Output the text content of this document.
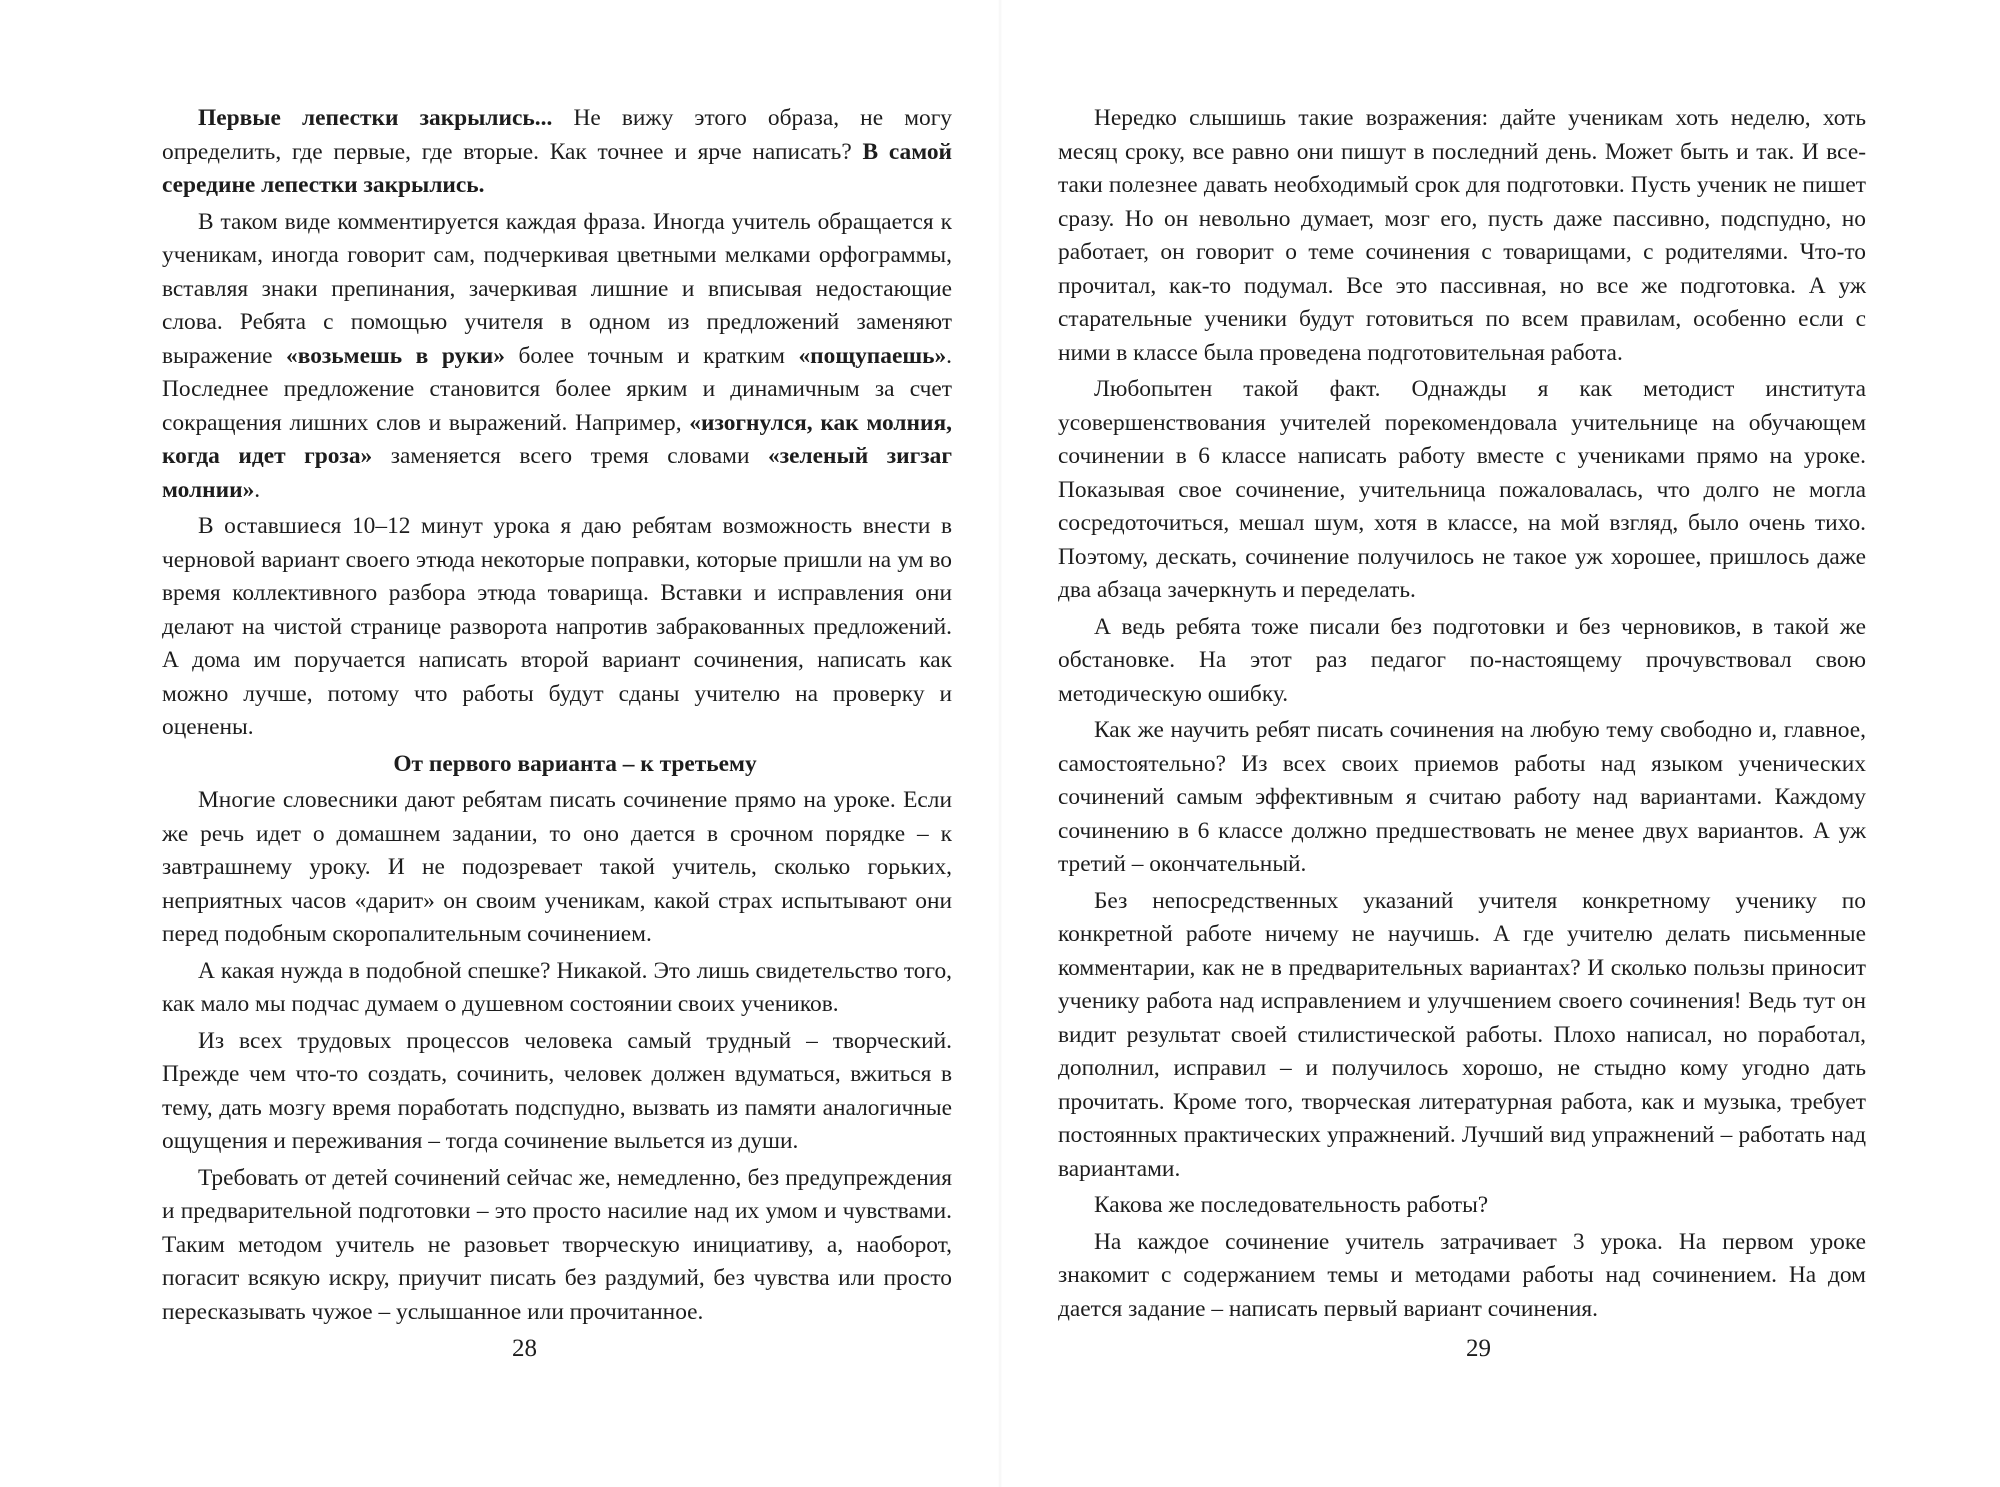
Первые лепестки закрылись... Не вижу этого образа, не могу определить, где первые, где вторые. Как точнее и ярче написать? В самой середине лепестки закрылись.

В таком виде комментируется каждая фраза. Иногда учитель обращается к ученикам, иногда говорит сам, подчеркивая цветными мелками орфограммы, вставляя знаки препинания, зачеркивая лишние и вписывая недостающие слова. Ребята с помощью учителя в одном из предложений заменяют выражение «возьмешь в руки» более точным и кратким «пощупаешь». Последнее предложение становится более ярким и динамичным за счет сокращения лишних слов и выражений. Например, «изогнулся, как молния, когда идет гроза» заменяется всего тремя словами «зеленый зигзаг молнии».

В оставшиеся 10–12 минут урока я даю ребятам возможность внести в черновой вариант своего этюда некоторые поправки, которые пришли на ум во время коллективного разбора этюда товарища. Вставки и исправления они делают на чистой странице разворота напротив забракованных предложений. А дома им поручается написать второй вариант сочинения, написать как можно лучше, потому что работы будут сданы учителю на проверку и оценены.

От первого варианта – к третьему

Многие словесники дают ребятам писать сочинение прямо на уроке. Если же речь идет о домашнем задании, то оно дается в срочном порядке – к завтрашнему уроку. И не подозревает такой учитель, сколько горьких, неприятных часов «дарит» он своим ученикам, какой страх испытывают они перед подобным скоропалительным сочинением.

А какая нужда в подобной спешке? Никакой. Это лишь свидетельство того, как мало мы подчас думаем о душевном состоянии своих учеников.

Из всех трудовых процессов человека самый трудный – творческий. Прежде чем что-то создать, сочинить, человек должен вдуматься, вжиться в тему, дать мозгу время поработать подспудно, вызвать из памяти аналогичные ощущения и переживания – тогда сочинение выльется из души.

Требовать от детей сочинений сейчас же, немедленно, без предупреждения и предварительной подготовки – это просто насилие над их умом и чувствами. Таким методом учитель не разовьет творческую инициативу, а, наоборот, погасит всякую искру, приучит писать без раздумий, без чувства или просто пересказывать чужое – услышанное или прочитанное.

28

Нередко слышишь такие возражения: дайте ученикам хоть неделю, хоть месяц сроку, все равно они пишут в последний день. Может быть и так. И все-таки полезнее давать необходимый срок для подготовки. Пусть ученик не пишет сразу. Но он невольно думает, мозг его, пусть даже пассивно, подспудно, но работает, он говорит о теме сочинения с товарищами, с родителями. Что-то прочитал, как-то подумал. Все это пассивная, но все же подготовка. А уж старательные ученики будут готовиться по всем правилам, особенно если с ними в классе была проведена подготовительная работа.

Любопытен такой факт. Однажды я как методист института усовершенствования учителей порекомендовала учительнице на обучающем сочинении в 6 классе написать работу вместе с учениками прямо на уроке. Показывая свое сочинение, учительница пожаловалась, что долго не могла сосредоточиться, мешал шум, хотя в классе, на мой взгляд, было очень тихо. Поэтому, дескать, сочинение получилось не такое уж хорошее, пришлось даже два абзаца зачеркнуть и переделать.

А ведь ребята тоже писали без подготовки и без черновиков, в такой же обстановке. На этот раз педагог по-настоящему прочувствовал свою методическую ошибку.

Как же научить ребят писать сочинения на любую тему свободно и, главное, самостоятельно? Из всех своих приемов работы над языком ученических сочинений самым эффективным я считаю работу над вариантами. Каждому сочинению в 6 классе должно предшествовать не менее двух вариантов. А уж третий – окончательный.

Без непосредственных указаний учителя конкретному ученику по конкретной работе ничему не научишь. А где учителю делать письменные комментарии, как не в предварительных вариантах? И сколько пользы приносит ученику работа над исправлением и улучшением своего сочинения! Ведь тут он видит результат своей стилистической работы. Плохо написал, но поработал, дополнил, исправил – и получилось хорошо, не стыдно кому угодно дать прочитать. Кроме того, творческая литературная работа, как и музыка, требует постоянных практических упражнений. Лучший вид упражнений – работать над вариантами.

Какова же последовательность работы?

На каждое сочинение учитель затрачивает 3 урока. На первом уроке знакомит с содержанием темы и методами работы над сочинением. На дом дается задание – написать первый вариант сочинения.

29
